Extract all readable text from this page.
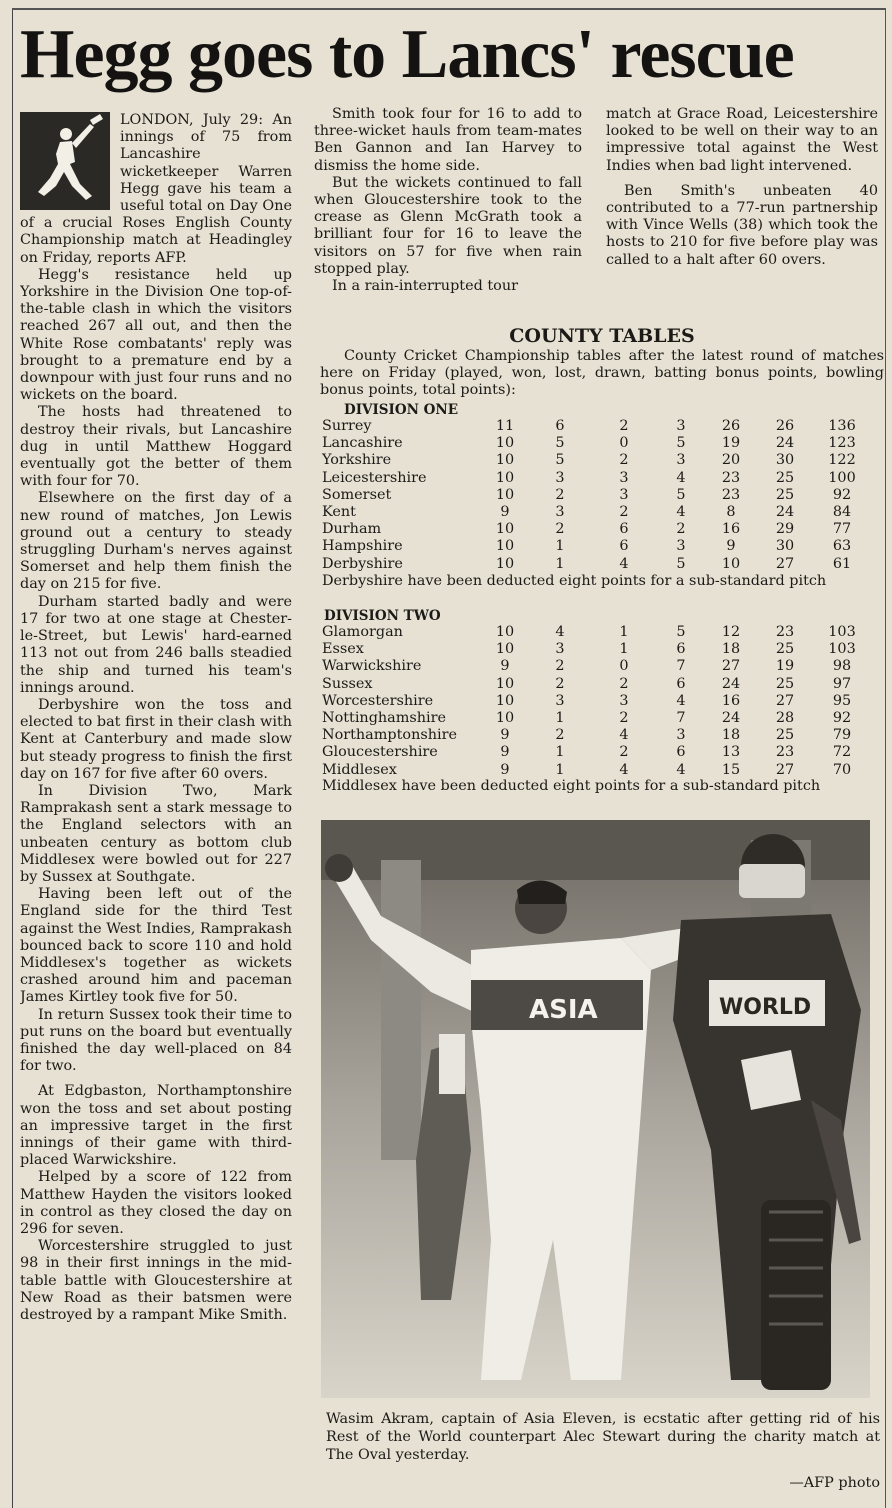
Hegg goes to Lancs' rescue

LONDON, July 29: An innings of 75 from Lancashire wicketkeeper Warren Hegg gave his team a useful total on Day One of a crucial Roses English County Championship match at Headingley on Friday, reports AFP.

Hegg's resistance held up Yorkshire in the Division One top-of-the-table clash in which the visitors reached 267 all out, and then the White Rose combatants' reply was brought to a premature end by a downpour with just four runs and no wickets on the board.

The hosts had threatened to destroy their rivals, but Lancashire dug in until Matthew Hoggard eventually got the better of them with four for 70.

Elsewhere on the first day of a new round of matches, Jon Lewis ground out a century to steady struggling Durham's nerves against Somerset and help them finish the day on 215 for five.

Durham started badly and were 17 for two at one stage at Chester-le-Street, but Lewis' hard-earned 113 not out from 246 balls steadied the ship and turned his team's innings around.

Derbyshire won the toss and elected to bat first in their clash with Kent at Canterbury and made slow but steady progress to finish the first day on 167 for five after 60 overs.

In Division Two, Mark Ramprakash sent a stark message to the England selectors with an unbeaten century as bottom club Middlesex were bowled out for 227 by Sussex at Southgate.

Having been left out of the England side for the third Test against the West Indies, Ramprakash bounced back to score 110 and hold Middlesex's together as wickets crashed around him and paceman James Kirtley took five for 50.

In return Sussex took their time to put runs on the board but eventually finished the day well-placed on 84 for two.

At Edgbaston, Northamptonshire won the toss and set about posting an impressive target in the first innings of their game with third-placed Warwickshire.

Helped by a score of 122 from Matthew Hayden the visitors looked in control as they closed the day on 296 for seven.

Worcestershire struggled to just 98 in their first innings in the mid-table battle with Gloucestershire at New Road as their batsmen were destroyed by a rampant Mike Smith.

Smith took four for 16 to add to three-wicket hauls from team-mates Ben Gannon and Ian Harvey to dismiss the home side.

But the wickets continued to fall when Gloucestershire took to the crease as Glenn McGrath took a brilliant four for 16 to leave the visitors on 57 for five when rain stopped play.

In a rain-interrupted tour

match at Grace Road, Leicestershire looked to be well on their way to an impressive total against the West Indies when bad light intervened.

Ben Smith's unbeaten 40 contributed to a 77-run partnership with Vince Wells (38) which took the hosts to 210 for five before play was called to a halt after 60 overs.

COUNTY TABLES
County Cricket Championship tables after the latest round of matches here on Friday (played, won, lost, drawn, batting bonus points, bowling bonus points, total points):
DIVISION ONE
Surrey	11	6	2	3	26	26	136
Lancashire	10	5	0	5	19	24	123
Yorkshire	10	5	2	3	20	30	122
Leicestershire	10	3	3	4	23	25	100
Somerset	10	2	3	5	23	25	92
Kent	9	3	2	4	8	24	84
Durham	10	2	6	2	16	29	77
Hampshire	10	1	6	3	9	30	63
Derbyshire	10	1	4	5	10	27	61
Derbyshire have been deducted eight points for a sub-standard pitch
DIVISION TWO
Glamorgan	10	4	1	5	12	23	103
Essex	10	3	1	6	18	25	103
Warwickshire	9	2	0	7	27	19	98
Sussex	10	2	2	6	24	25	97
Worcestershire	10	3	3	4	16	27	95
Nottinghamshire	10	1	2	7	24	28	92
Northamptonshire	9	2	4	3	18	25	79
Gloucestershire	9	1	2	6	13	23	72
Middlesex	9	1	4	4	15	27	70
Middlesex have been deducted eight points for a sub-standard pitch
ASIA	WORLD
Wasim Akram, captain of Asia Eleven, is ecstatic after getting rid of his Rest of the World counterpart Alec Stewart during the charity match at The Oval yesterday.
—AFP photo
